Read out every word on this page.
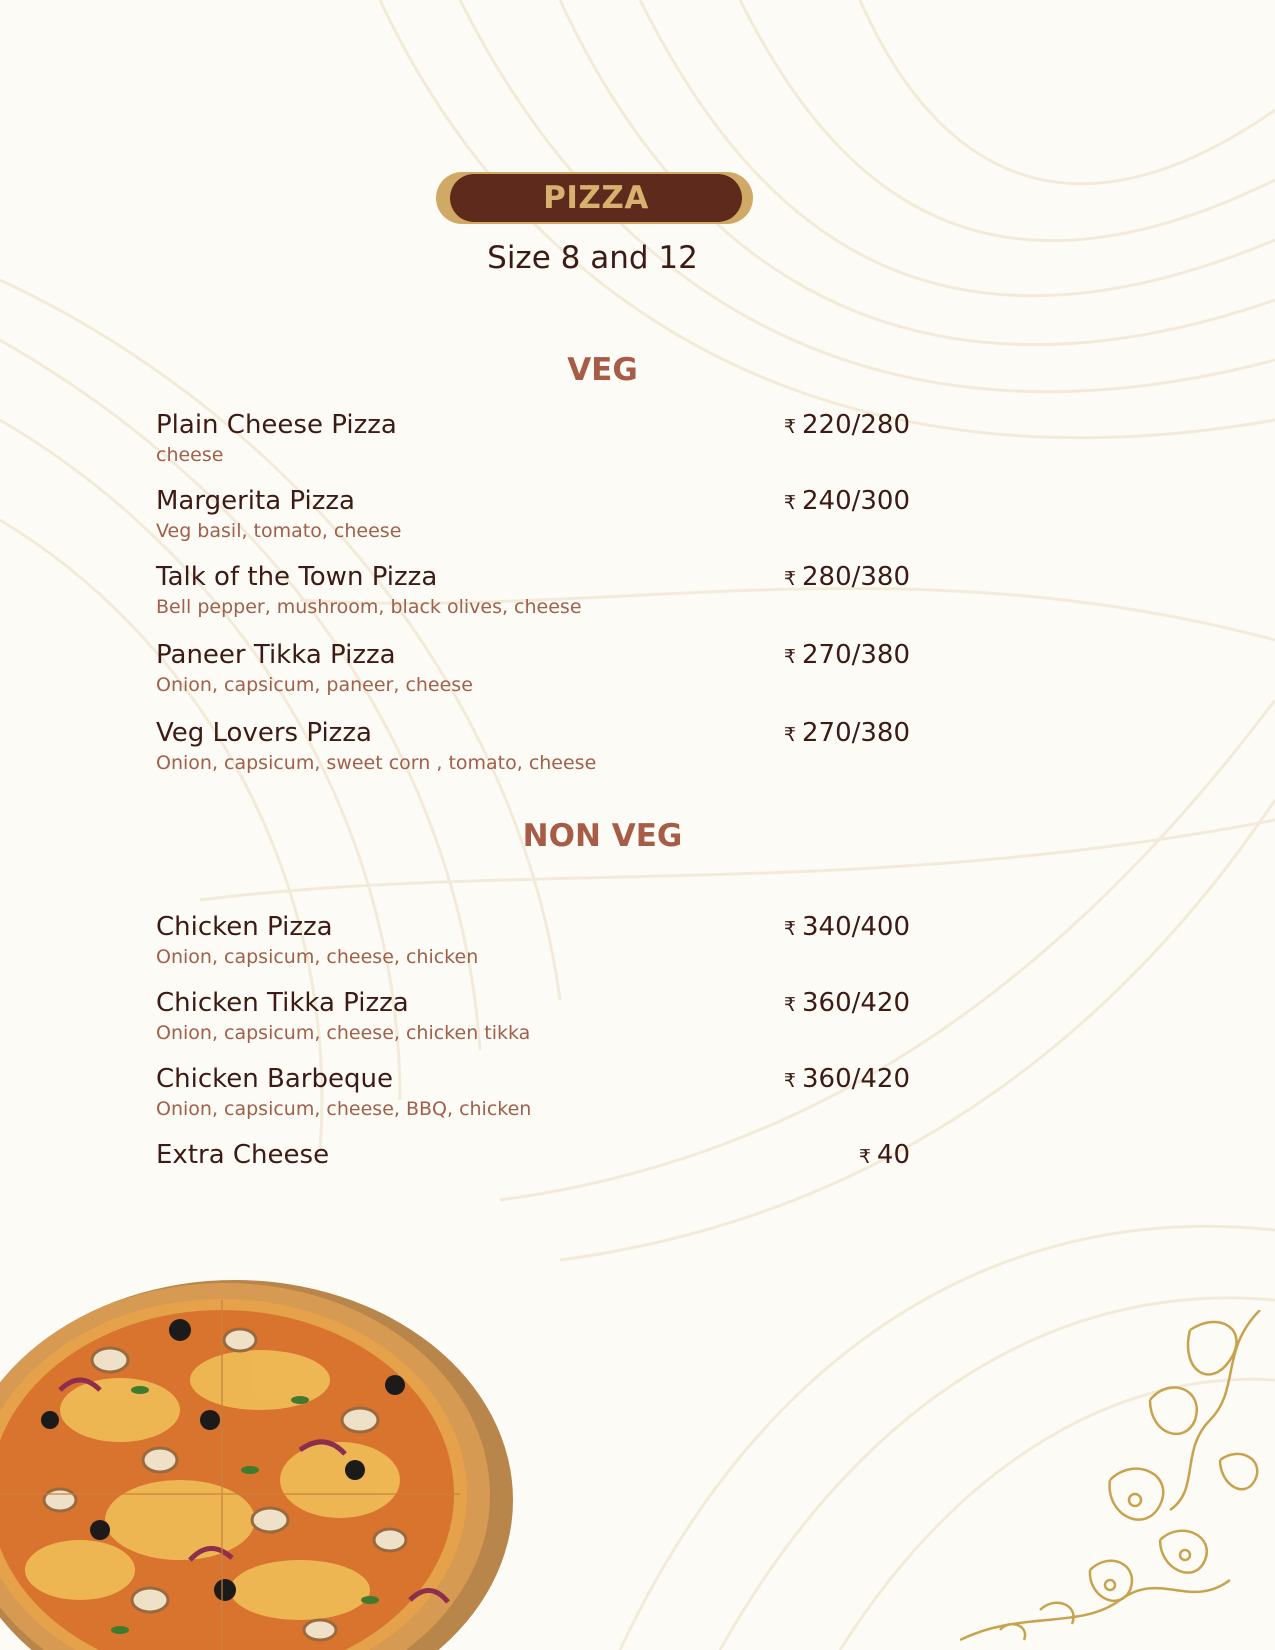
PIZZA
Size 8 and 12
VEG
Plain Cheese Pizza
cheese
₹ 220/280
Margerita Pizza
Veg basil, tomato, cheese
₹ 240/300
Talk of the Town Pizza
Bell pepper, mushroom, black olives, cheese
₹ 280/380
Paneer Tikka Pizza
Onion, capsicum, paneer, cheese
₹ 270/380
Veg Lovers Pizza
Onion, capsicum, sweet corn , tomato, cheese
₹ 270/380
NON VEG
Chicken Pizza
Onion, capsicum, cheese, chicken
₹ 340/400
Chicken Tikka Pizza
Onion, capsicum, cheese, chicken tikka
₹ 360/420
Chicken Barbeque
Onion, capsicum, cheese, BBQ, chicken
₹ 360/420
Extra Cheese	₹ 40
